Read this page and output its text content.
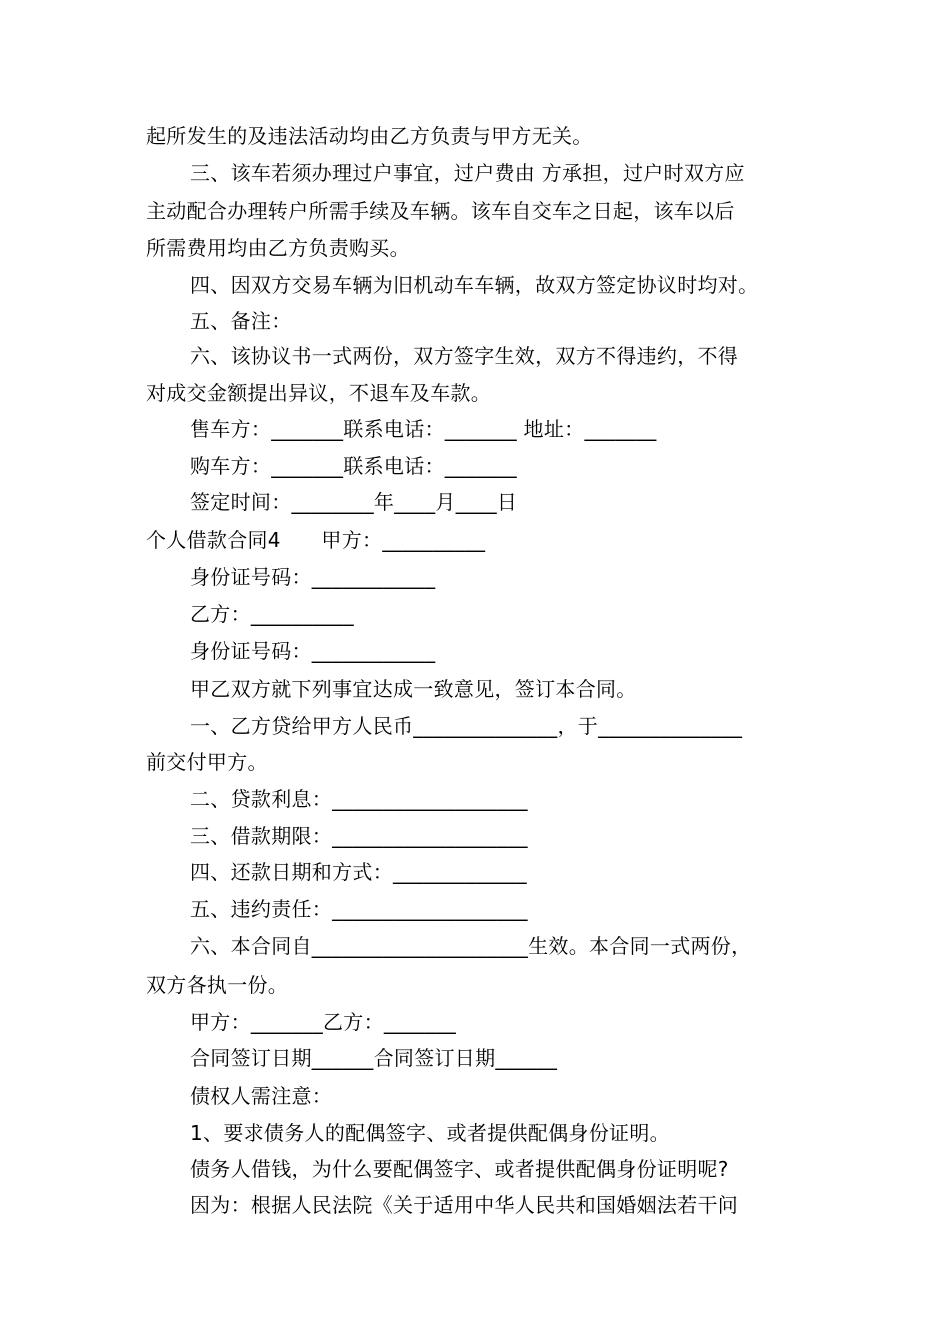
起所发生的及违法活动均由乙方负责与甲方无关。
三、该车若须办理过户事宜，过户费由 方承担，过户时双方应
主动配合办理转户所需手续及车辆。该车自交车之日起，该车以后
所需费用均由乙方负责购买。
四、因双方交易车辆为旧机动车车辆，故双方签定协议时均对。
五、备注：
六、该协议书一式两份，双方签字生效，双方不得违约，不得
对成交金额提出异议，不退车及车款。
售车方：_______联系电话：_______ 地址：_______
购车方：_______联系电话：_______
签定时间：________年____月____日
个人借款合同4　　甲方：__________
身份证号码：____________
乙方：__________
身份证号码：____________
甲乙双方就下列事宜达成一致意见，签订本合同。
一、乙方贷给甲方人民币______________，于______________
前交付甲方。
二、贷款利息：___________________
三、借款期限：___________________
四、还款日期和方式：_____________
五、违约责任：___________________
六、本合同自_____________________生效。本合同一式两份，
双方各执一份。
甲方：_______乙方：_______
合同签订日期______合同签订日期______
债权人需注意：
1、要求债务人的配偶签字、或者提供配偶身份证明。
债务人借钱，为什么要配偶签字、或者提供配偶身份证明呢?
因为：根据人民法院《关于适用中华人民共和国婚姻法若干问
